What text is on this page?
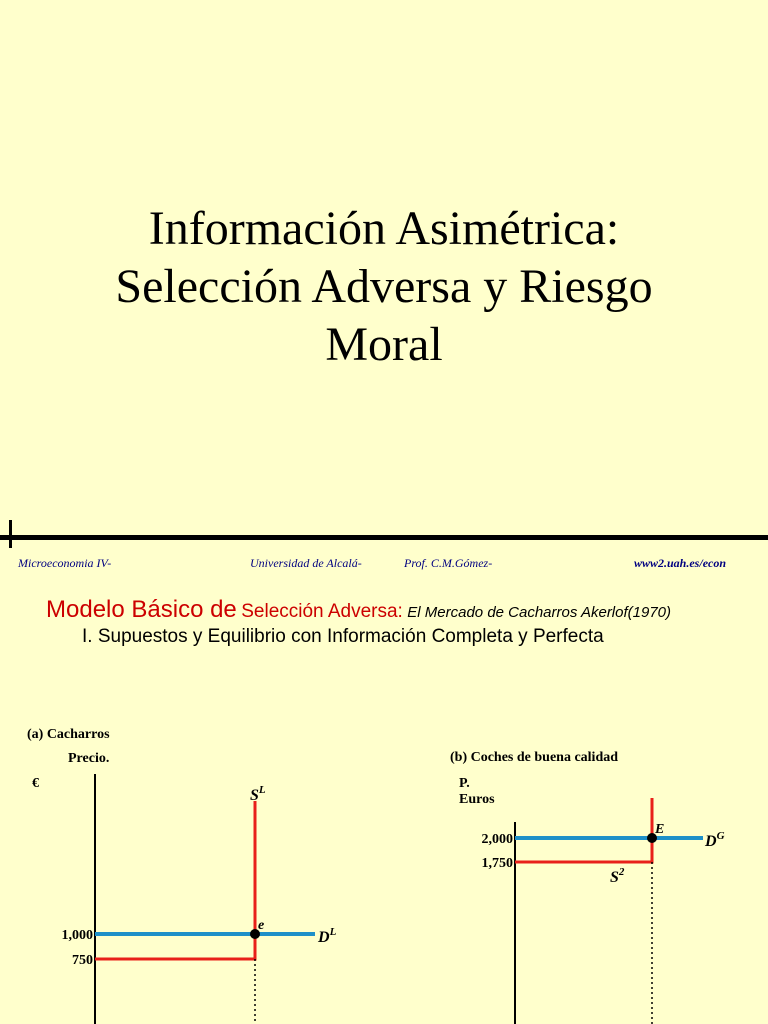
Información Asimétrica:
Selección Adversa y Riesgo
Moral
Microeconomia IV-	Universidad de Alcalá-	Prof. C.M.Gómez-	www2.uah.es/econ
Modelo Básico de Selección Adversa: El Mercado de Cacharros Akerlof(1970)
I. Supuestos y Equilibrio con Información Completa y Perfecta
(a) Cacharros
Precio.
€
e
1,000
750
$D^L$
$S^L$
(b) Coches de buena calidad
P.
Euros
E
2,000
1,750
$D^G$
$S^2$
